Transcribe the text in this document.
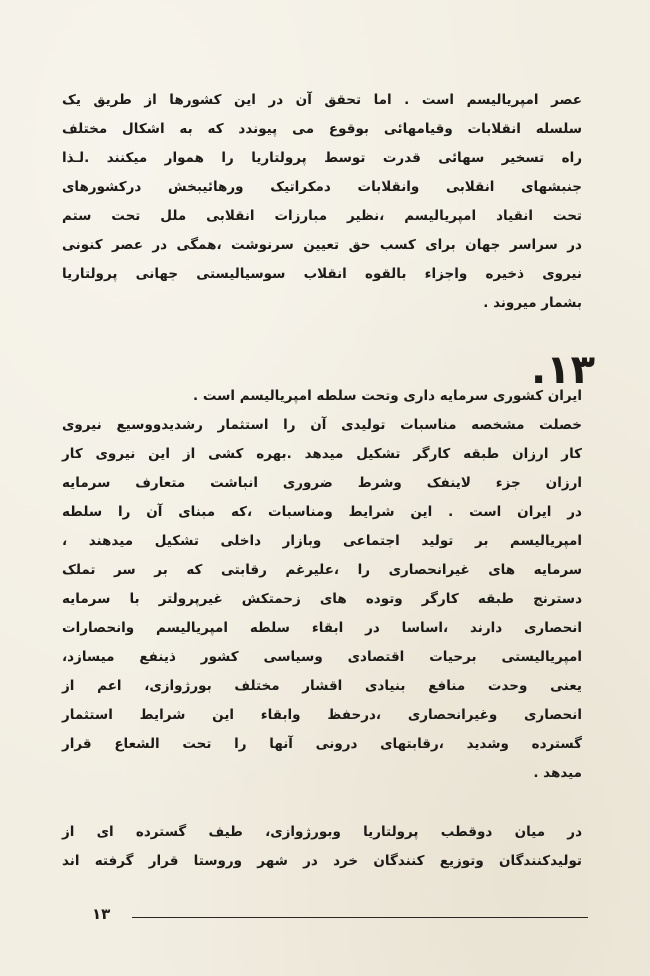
عصر امپریالیسم است . اما تحقق آن در این کشورها از طریق یک
سلسله انقلابات وقیامهائی بوقوع می پیوندد که به اشکال مختلف
راه تسخیر سهائی قدرت توسط پرولتاریا را هموار میکنند .لـذا
جنبشهای انقلابی وانقلابات دمکراتیک ورهائیبخش درکشورهای
تحت انقیاد امپریالیسم ،نظیر مبارزات انقلابی ملل تحت ستم
در سراسر جهان برای کسب حق تعیین سرنوشت ،همگی در عصر کنونی
نیروی ذخیره واجزاء بالقوه انقلاب سوسیالیستی جهانی پرولتاریا
بشمار میروند .
۱۳.
ایران کشوری سرمایه داری وتحت سلطه امپریالیسم است .
خصلت مشخصه مناسبات تولیدی آن را استثمار رشدیدووسیع نیروی
کار ارزان طبقه کارگر تشکیل میدهد .بهره کشی از این نیروی کار
ارزان جزء لاینفک وشرط ضروری انباشت متعارف سرمایه
در ایران است . این شرایط ومناسبات ،که مبنای آن را سلطه
امپریالیسم بر تولید اجتماعی وبازار داخلی تشکیل میدهند ،
سرمایه های غیرانحصاری را ،علیرغم رقابتی که بر سر تملک
دسترنج طبقه کارگر وتوده های زحمتکش غیرپرولتر با سرمایه
انحصاری دارند ،اساسا در ابقاء سلطه امپریالیسم وانحصارات
امپریالیستی برحیات اقتصادی وسیاسی کشور ذینفع میسازد،
یعنی وحدت منافع بنیادی اقشار مختلف بورژوازی، اعم از
انحصاری وغیرانحصاری ،درحفظ وابقاء این شرایط استثمار
گسترده وشدید ،رقابتهای درونی آنها را تحت الشعاع قرار
میدهد .
در میان دوقطب پرولتاریا وبورژوازی، طیف گسترده ای از
تولیدکنندگان وتوزیع کنندگان خرد در شهر وروستا قرار گرفته اند
۱۳
